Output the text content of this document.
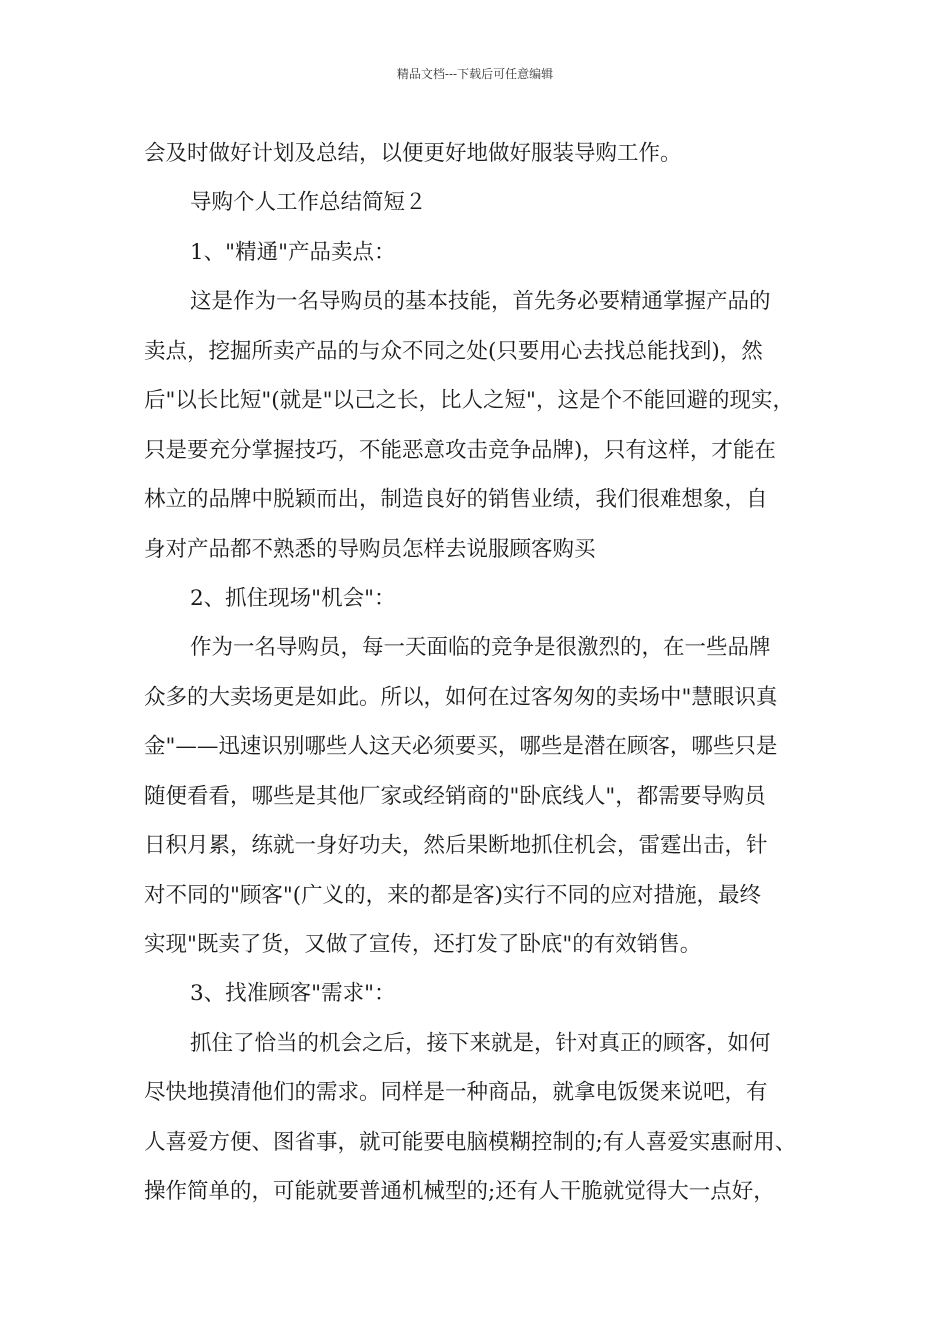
精品文档---下载后可任意编辑
会及时做好计划及总结，以便更好地做好服装导购工作。
导购个人工作总结简短２
1、"精通"产品卖点：
这是作为一名导购员的基本技能，首先务必要精通掌握产品的
卖点，挖掘所卖产品的与众不同之处(只要用心去找总能找到)，然
后"以长比短"(就是"以己之长，比人之短"，这是个不能回避的现实，
只是要充分掌握技巧，不能恶意攻击竞争品牌)，只有这样，才能在
林立的品牌中脱颖而出，制造良好的销售业绩，我们很难想象，自
身对产品都不熟悉的导购员怎样去说服顾客购买
2、抓住现场"机会"：
作为一名导购员，每一天面临的竞争是很激烈的，在一些品牌
众多的大卖场更是如此。所以，如何在过客匆匆的卖场中"慧眼识真
金"——迅速识别哪些人这天必须要买，哪些是潜在顾客，哪些只是
随便看看，哪些是其他厂家或经销商的"卧底线人"，都需要导购员
日积月累，练就一身好功夫，然后果断地抓住机会，雷霆出击，针
对不同的"顾客"(广义的，来的都是客)实行不同的应对措施，最终
实现"既卖了货，又做了宣传，还打发了卧底"的有效销售。
3、找准顾客"需求"：
抓住了恰当的机会之后，接下来就是，针对真正的顾客，如何
尽快地摸清他们的需求。同样是一种商品，就拿电饭煲来说吧，有
人喜爱方便、图省事，就可能要电脑模糊控制的;有人喜爱实惠耐用、
操作简单的，可能就要普通机械型的;还有人干脆就觉得大一点好，
